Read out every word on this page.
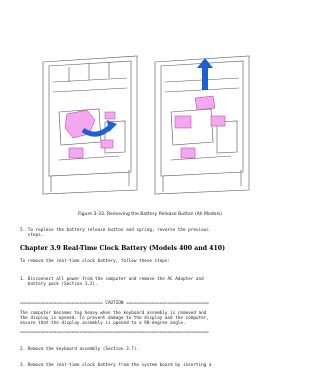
Figure 3-33. Removing the Battery Release Button (All Models)
5. To replace the battery release button and spring, reverse the previous
steps.
Chapter 3.9 Real-Time Clock Battery (Models 400 and 410)
To remove the real-time clock battery, follow these steps:
1. Disconnect all power from the computer and remove the AC Adapter and
battery pack (Section 3.2).
================================ CAUTION ================================
The computer becomes top heavy when the keyboard assembly is removed and
the display is opened. To prevent damage to the display and the computer,
ensure that the display assembly is opened to a 90-degree angle.
=========================================================================
2. Remove the keyboard assembly (Section 3.7).
3. Remove the real-time clock battery from the system board by inserting a
